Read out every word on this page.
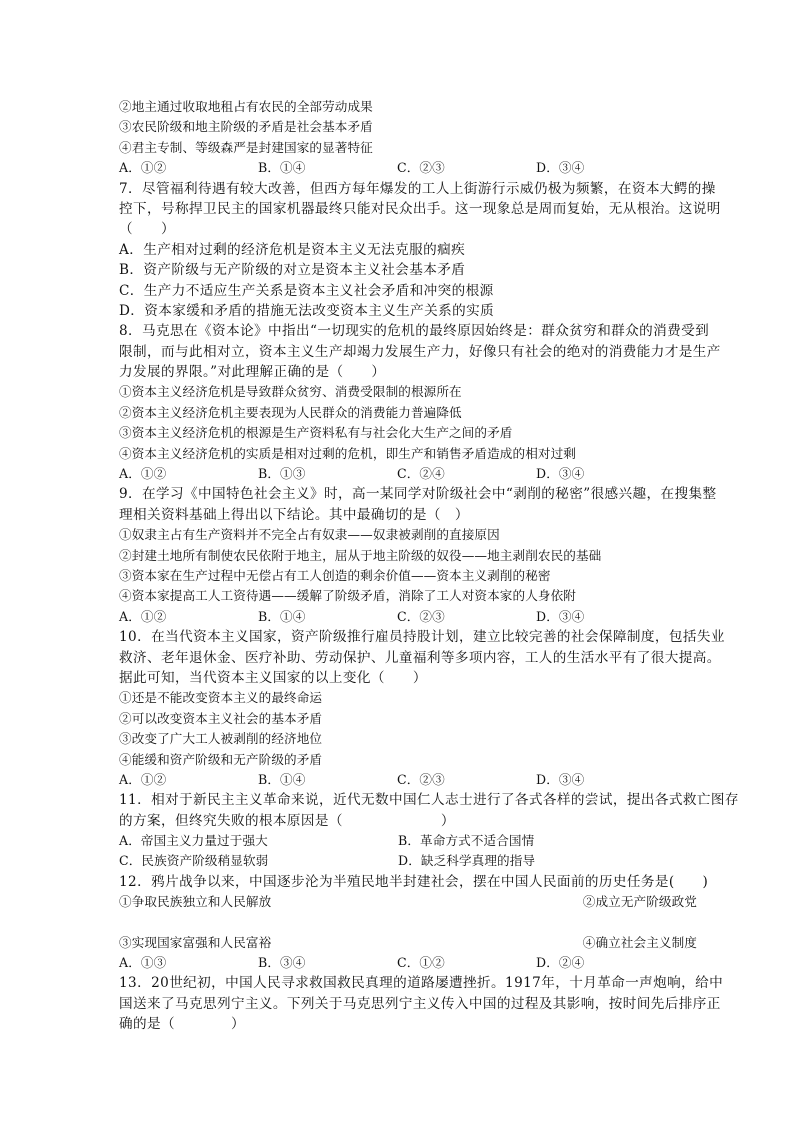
②地主通过收取地租占有农民的全部劳动成果
③农民阶级和地主阶级的矛盾是社会基本矛盾
④君主专制、等级森严是封建国家的显著特征
A．①②	B．①④	C．②③	D．③④
7．尽管福利待遇有较大改善，但西方每年爆发的工人上街游行示威仍极为频繁，在资本大鳄的操
控下，号称捍卫民主的国家机器最终只能对民众出手。这一现象总是周而复始，无从根治。这说明
（　　）
A．生产相对过剩的经济危机是资本主义无法克服的痼疾
B．资产阶级与无产阶级的对立是资本主义社会基本矛盾
C．生产力不适应生产关系是资本主义社会矛盾和冲突的根源
D．资本家缓和矛盾的措施无法改变资本主义生产关系的实质
8．马克思在《资本论》中指出“一切现实的危机的最终原因始终是：群众贫穷和群众的消费受到
限制，而与此相对立，资本主义生产却竭力发展生产力，好像只有社会的绝对的消费能力才是生产
力发展的界限。”对此理解正确的是（　　）
①资本主义经济危机是导致群众贫穷、消费受限制的根源所在
②资本主义经济危机主要表现为人民群众的消费能力普遍降低
③资本主义经济危机的根源是生产资料私有与社会化大生产之间的矛盾
④资本主义经济危机的实质是相对过剩的危机，即生产和销售矛盾造成的相对过剩
A．①②	B．①③	C．②④	D．③④
9．在学习《中国特色社会主义》时，高一某同学对阶级社会中“剥削的秘密”很感兴趣，在搜集整
理相关资料基础上得出以下结论。其中最确切的是（　）
①奴隶主占有生产资料并不完全占有奴隶——奴隶被剥削的直接原因
②封建土地所有制使农民依附于地主，屈从于地主阶级的奴役——地主剥削农民的基础
③资本家在生产过程中无偿占有工人创造的剩余价值——资本主义剥削的秘密
④资本家提高工人工资待遇——缓解了阶级矛盾，消除了工人对资本家的人身依附
A．①②	B．①④	C．②③	D．③④
10．在当代资本主义国家，资产阶级推行雇员持股计划，建立比较完善的社会保障制度，包括失业
救济、老年退休金、医疗补助、劳动保护、儿童福利等多项内容，工人的生活水平有了很大提高。
据此可知，当代资本主义国家的以上变化（　　）
①还是不能改变资本主义的最终命运
②可以改变资本主义社会的基本矛盾
③改变了广大工人被剥削的经济地位
④能缓和资产阶级和无产阶级的矛盾
A．①②	B．①④	C．②③	D．③④
11．相对于新民主主义革命来说，近代无数中国仁人志士进行了各式各样的尝试，提出各式救亡图存
的方案，但终究失败的根本原因是（　　　　　　　）
A．帝国主义力量过于强大	B．革命方式不适合国情
C．民族资产阶级稍显软弱	D．缺乏科学真理的指导
12．鸦片战争以来，中国逐步沦为半殖民地半封建社会，摆在中国人民面前的历史任务是(　　)
①争取民族独立和人民解放	②成立无产阶级政党
③实现国家富强和人民富裕	④确立社会主义制度
A．①③	B．③④	C．①②	D．②④
13．20世纪初，中国人民寻求救国救民真理的道路屡遭挫折。1917年，十月革命一声炮响，给中
国送来了马克思列宁主义。下列关于马克思列宁主义传入中国的过程及其影响，按时间先后排序正
确的是（　　　　）
